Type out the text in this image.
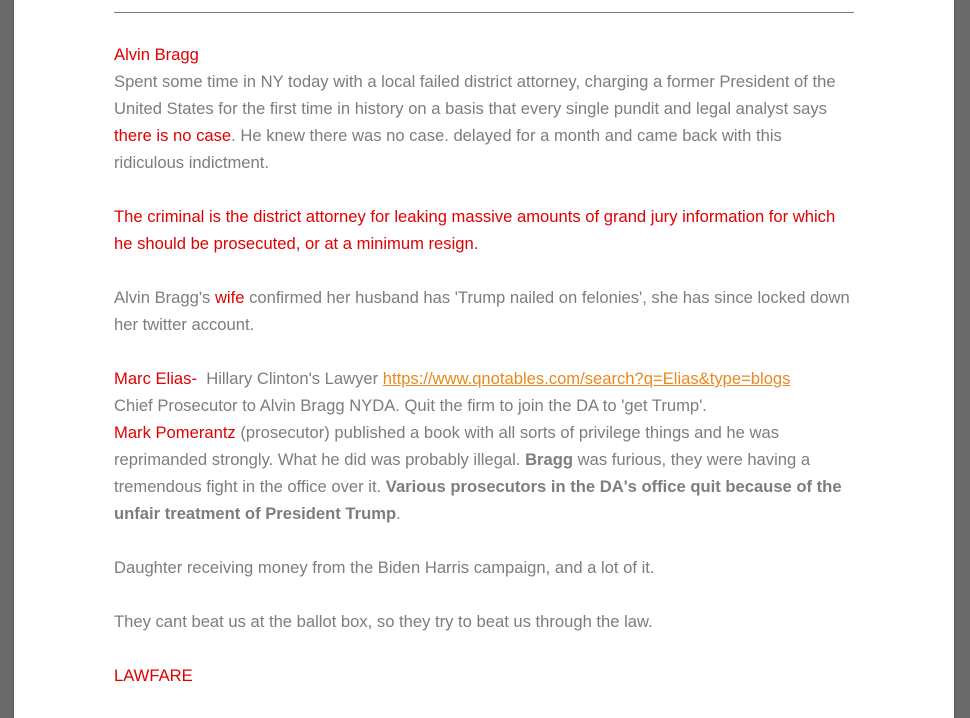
Alvin Bragg
Spent some time in NY today with a local failed district attorney, charging a former President of the United States for the first time in history on a basis that every single pundit and legal analyst says there is no case. He knew there was no case. delayed for a month and came back with this ridiculous indictment.

The criminal is the district attorney for leaking massive amounts of grand jury information for which he should be prosecuted, or at a minimum resign.

Alvin Bragg's wife confirmed her husband has 'Trump nailed on felonies', she has since locked down her twitter account.

Marc Elias-  Hillary Clinton's Lawyer https://www.qnotables.com/search?q=Elias&type=blogs
Chief Prosecutor to Alvin Bragg NYDA. Quit the firm to join the DA to 'get Trump'.
Mark Pomerantz (prosecutor) published a book with all sorts of privilege things and he was reprimanded strongly. What he did was probably illegal. Bragg was furious, they were having a tremendous fight in the office over it. Various prosecutors in the DA's office quit because of the unfair treatment of President Trump.

Daughter receiving money from the Biden Harris campaign, and a lot of it.

They cant beat us at the ballot box, so they try to beat us through the law.

LAWFARE
